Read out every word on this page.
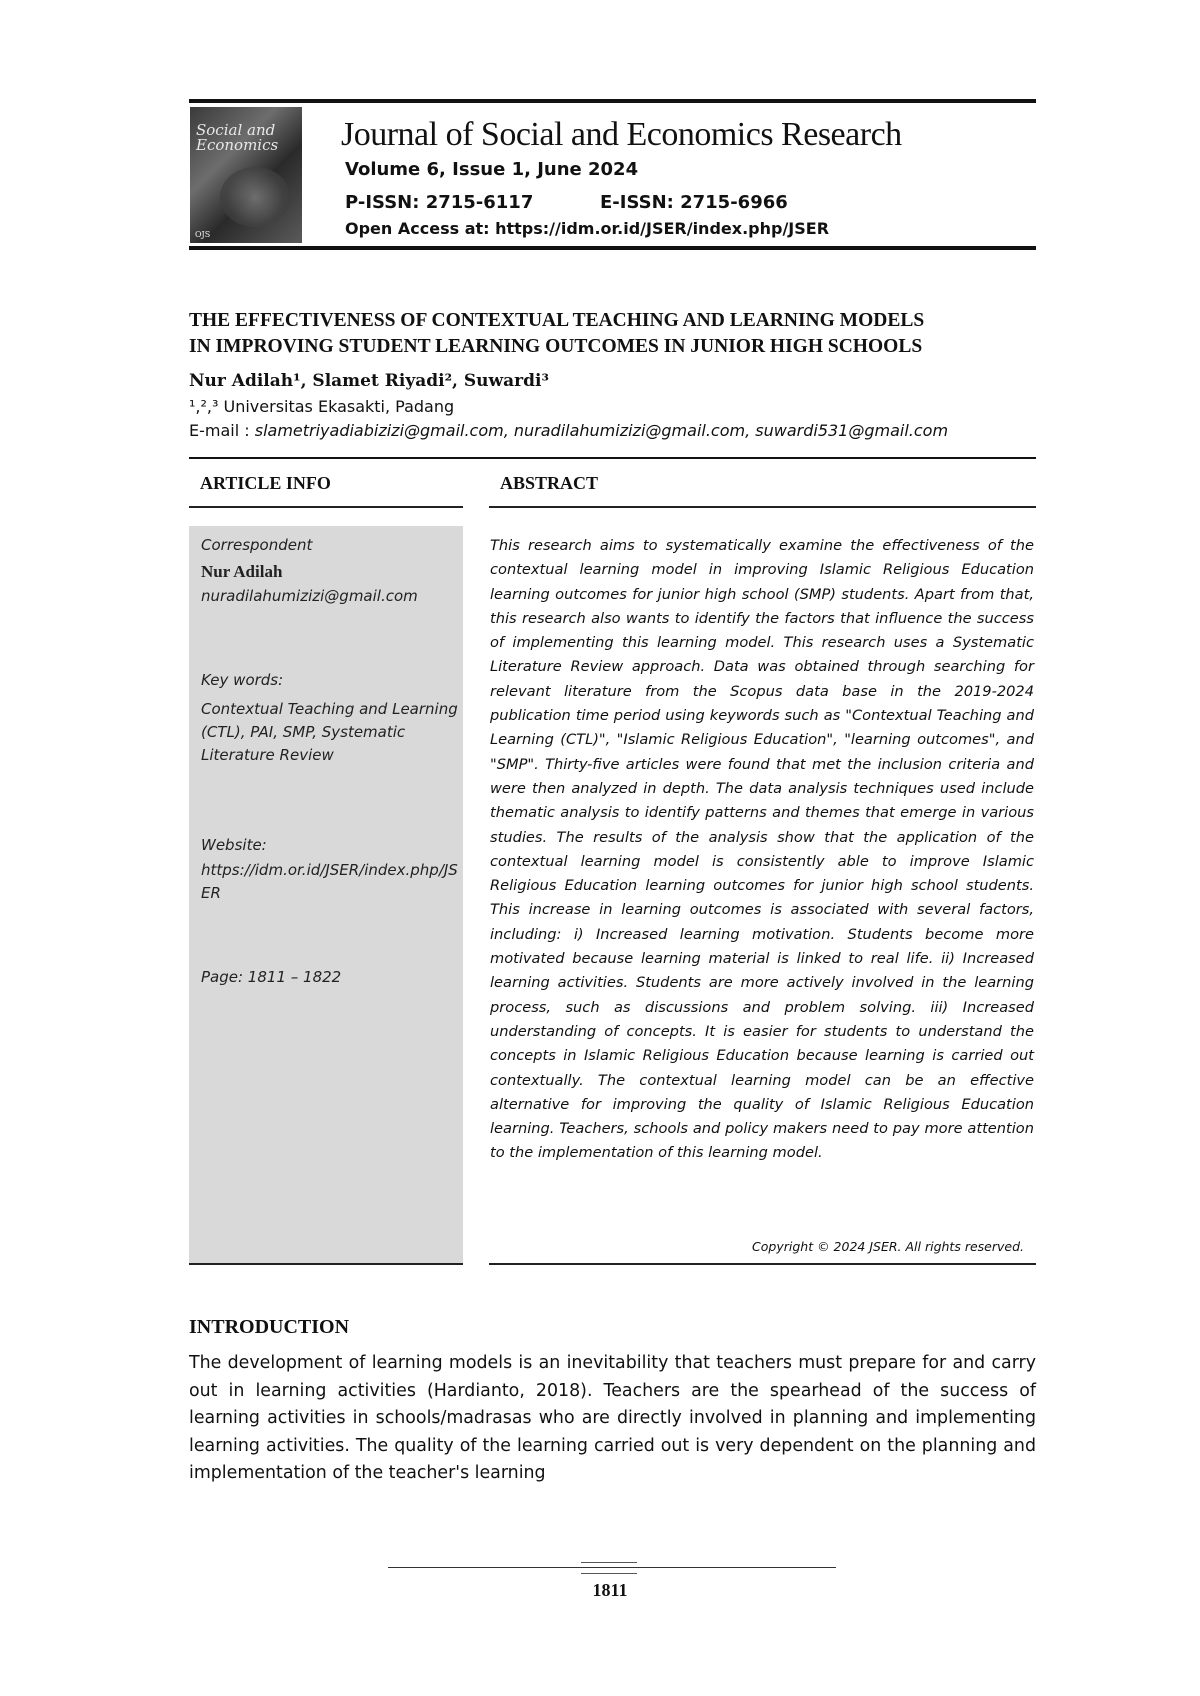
Social and
Economics
OJS
Journal of Social and Economics Research
Volume 6, Issue 1, June 2024
P-ISSN: 2715-6117	E-ISSN: 2715-6966
Open Access at: https://idm.or.id/JSER/index.php/JSER
THE EFFECTIVENESS OF CONTEXTUAL TEACHING AND LEARNING MODELS
IN IMPROVING STUDENT LEARNING OUTCOMES IN JUNIOR HIGH SCHOOLS
Nur Adilah¹, Slamet Riyadi², Suwardi³
¹,²,³ Universitas Ekasakti, Padang
E-mail : slametriyadiabizizi@gmail.com, nuradilahumizizi@gmail.com, suwardi531@gmail.com
ARTICLE INFO	ABSTRACT
Correspondent
Nur Adilah
nuradilahumizizi@gmail.com
Key words:
Contextual Teaching and Learning (CTL), PAI, SMP, Systematic Literature Review
Website:
https://idm.or.id/JSER/index.php/JSER
Page: 1811 – 1822
This research aims to systematically examine the effectiveness of the contextual learning model in improving Islamic Religious Education learning outcomes for junior high school (SMP) students. Apart from that, this research also wants to identify the factors that influence the success of implementing this learning model. This research uses a Systematic Literature Review approach. Data was obtained through searching for relevant literature from the Scopus data base in the 2019-2024 publication time period using keywords such as "Contextual Teaching and Learning (CTL)", "Islamic Religious Education", "learning outcomes", and "SMP". Thirty-five articles were found that met the inclusion criteria and were then analyzed in depth. The data analysis techniques used include thematic analysis to identify patterns and themes that emerge in various studies. The results of the analysis show that the application of the contextual learning model is consistently able to improve Islamic Religious Education learning outcomes for junior high school students. This increase in learning outcomes is associated with several factors, including: i) Increased learning motivation. Students become more motivated because learning material is linked to real life. ii) Increased learning activities. Students are more actively involved in the learning process, such as discussions and problem solving. iii) Increased understanding of concepts. It is easier for students to understand the concepts in Islamic Religious Education because learning is carried out contextually. The contextual learning model can be an effective alternative for improving the quality of Islamic Religious Education learning. Teachers, schools and policy makers need to pay more attention to the implementation of this learning model.
Copyright © 2024 JSER. All rights reserved.
INTRODUCTION
The development of learning models is an inevitability that teachers must prepare for and carry out in learning activities (Hardianto, 2018). Teachers are the spearhead of the success of learning activities in schools/madrasas who are directly involved in planning and implementing learning activities. The quality of the learning carried out is very dependent on the planning and implementation of the teacher's learning
1811
